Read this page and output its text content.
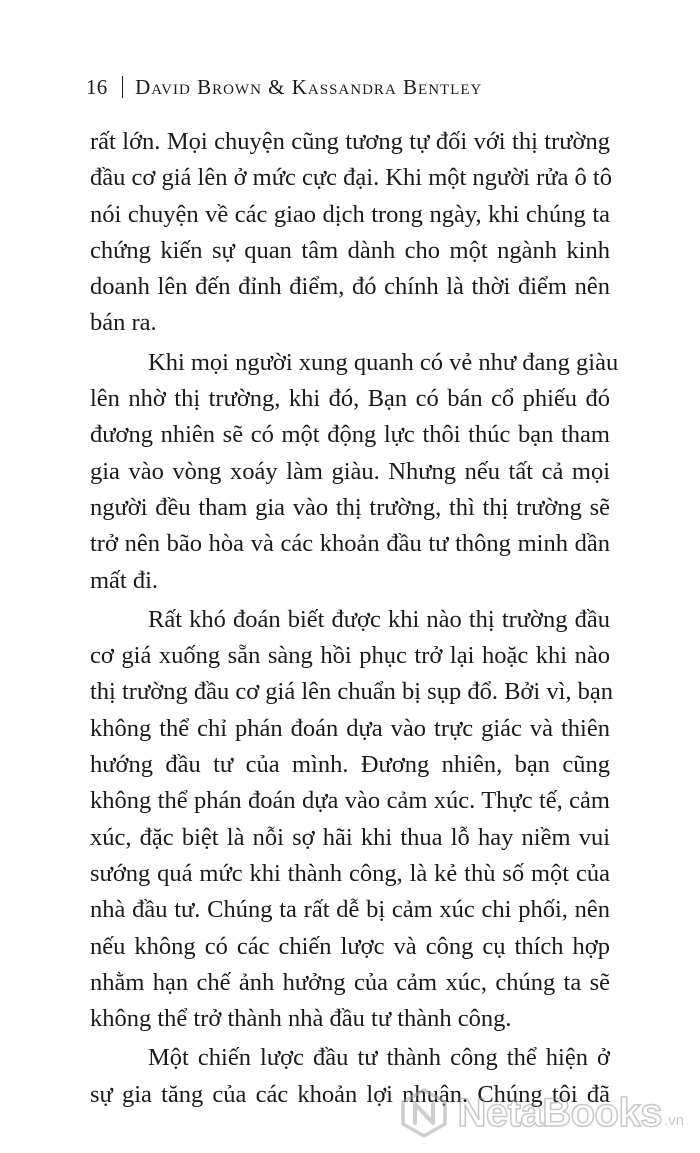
16 David Brown & Kassandra Bentley
rất lớn. Mọi chuyện cũng tương tự đối với thị trường
đầu cơ giá lên ở mức cực đại. Khi một người rửa ô tô
nói chuyện về các giao dịch trong ngày, khi chúng ta
chứng kiến sự quan tâm dành cho một ngành kinh
doanh lên đến đỉnh điểm, đó chính là thời điểm nên
bán ra.
Khi mọi người xung quanh có vẻ như đang giàu
lên nhờ thị trường, khi đó, Bạn có bán cổ phiếu đó
đương nhiên sẽ có một động lực thôi thúc bạn tham
gia vào vòng xoáy làm giàu. Nhưng nếu tất cả mọi
người đều tham gia vào thị trường, thì thị trường sẽ
trở nên bão hòa và các khoản đầu tư thông minh dần
mất đi.
Rất khó đoán biết được khi nào thị trường đầu
cơ giá xuống sẵn sàng hồi phục trở lại hoặc khi nào
thị trường đầu cơ giá lên chuẩn bị sụp đổ. Bởi vì, bạn
không thể chỉ phán đoán dựa vào trực giác và thiên
hướng đầu tư của mình. Đương nhiên, bạn cũng
không thể phán đoán dựa vào cảm xúc. Thực tế, cảm
xúc, đặc biệt là nỗi sợ hãi khi thua lỗ hay niềm vui
sướng quá mức khi thành công, là kẻ thù số một của
nhà đầu tư. Chúng ta rất dễ bị cảm xúc chi phối, nên
nếu không có các chiến lược và công cụ thích hợp
nhằm hạn chế ảnh hưởng của cảm xúc, chúng ta sẽ
không thể trở thành nhà đầu tư thành công.
Một chiến lược đầu tư thành công thể hiện ở
sự gia tăng của các khoản lợi nhuận. Chúng tôi đã
NetaBooks .vn
